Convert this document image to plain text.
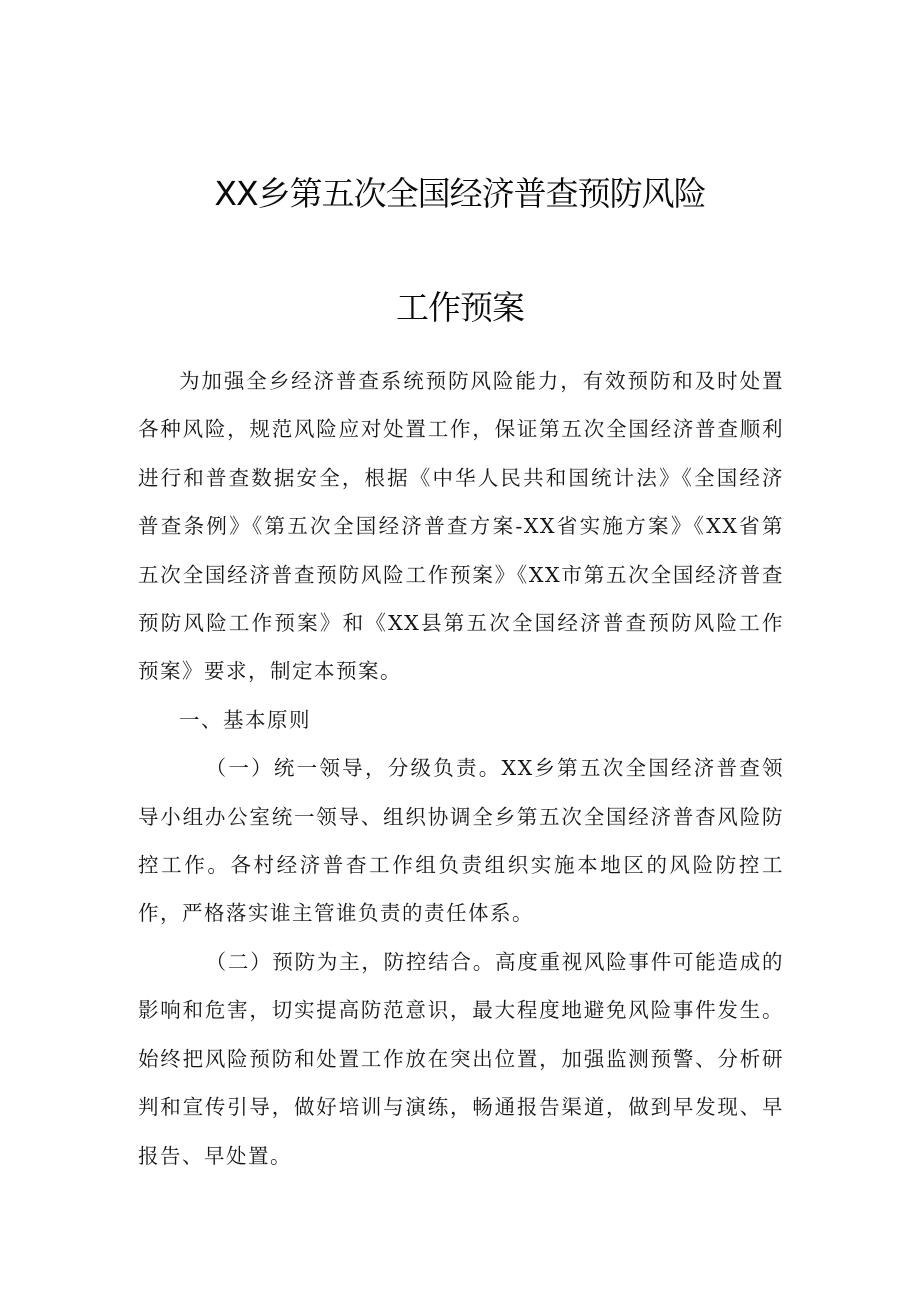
XX乡第五次全国经济普查预防风险
工作预案

为加强全乡经济普查系统预防风险能力，有效预防和及时处置各种风险，规范风险应对处置工作，保证第五次全国经济普查顺利进行和普查数据安全，根据《中华人民共和国统计法》《全国经济普查条例》《第五次全国经济普查方案-XX省实施方案》《XX省第五次全国经济普查预防风险工作预案》《XX市第五次全国经济普查预防风险工作预案》和《XX县第五次全国经济普查预防风险工作预案》要求，制定本预案。

一、基本原则

（一）统一领导，分级负责。XX乡第五次全国经济普查领导小组办公室统一领导、组织协调全乡第五次全国经济普杳风险防控工作。各村经济普杳工作组负责组织实施本地区的风险防控工作，严格落实谁主管谁负责的责任体系。

（二）预防为主，防控结合。高度重视风险事件可能造成的影响和危害，切实提高防范意识，最大程度地避免风险事件发生。始终把风险预防和处置工作放在突出位置，加强监测预警、分析研判和宣传引导，做好培训与演练，畅通报告渠道，做到早发现、早报告、早处置。
